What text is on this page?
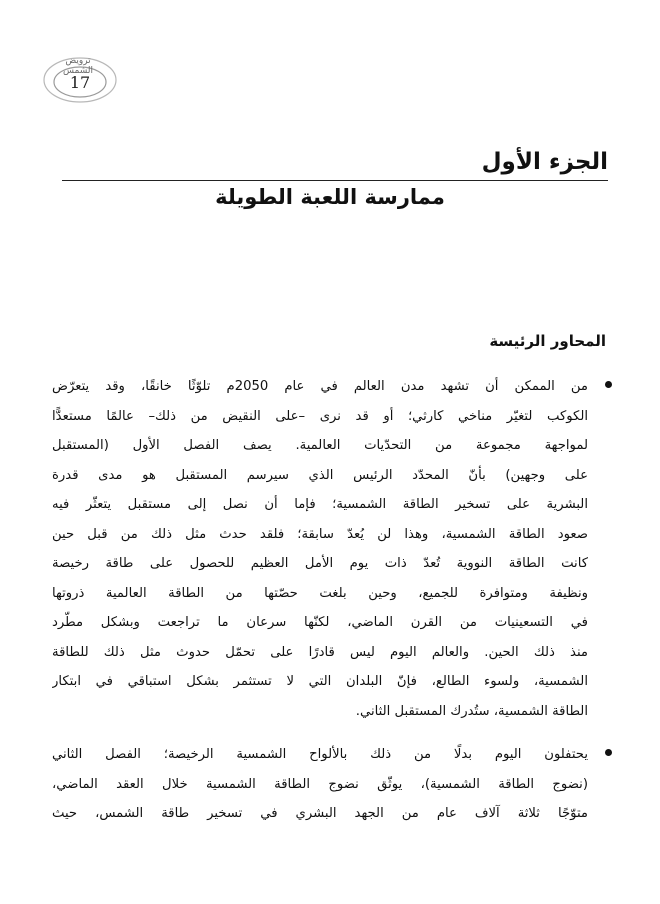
ترويض الشمس
17
الجزء الأول
ممارسة اللعبة الطويلة
المحاور الرئيسة
من الممكن أن تشهد مدن العالم في عام 2050م تلوّثًا خانقًا، وقد يتعرّض
الكوكب لتغيّر مناخي كارثي؛ أو قد نرى –على النقيض من ذلك– عالمًا مستعدًّا
لمواجهة مجموعة من التحدّيات العالمية. يصف الفصل الأول (المستقبل
على وجهين) بأنّ المحدّد الرئيس الذي سيرسم المستقبل هو مدى قدرة
البشرية على تسخير الطاقة الشمسية؛ فإما أن نصل إلى مستقبل يتعثّر فيه
صعود الطاقة الشمسية، وهذا لن يُعدّ سابقة؛ فلقد حدث مثل ذلك من قبل حين
كانت الطاقة النووية تُعدّ ذات يوم الأمل العظيم للحصول على طاقة رخيصة
ونظيفة ومتوافرة للجميع، وحين بلغت حصّتها من الطاقة العالمية ذروتها
في التسعينيات من القرن الماضي، لكنّها سرعان ما تراجعت وبشكل مطّرد
منذ ذلك الحين. والعالم اليوم ليس قادرًا على تحمّل حدوث مثل ذلك للطاقة
الشمسية، ولسوء الطالع، فإنّ البلدان التي لا تستثمر بشكل استباقي في ابتكار
الطاقة الشمسية، ستُدرك المستقبل الثاني.
يحتفلون اليوم بدلًا من ذلك بالألواح الشمسية الرخيصة؛ الفصل الثاني
(نضوج الطاقة الشمسية)، يوثّق نضوج الطاقة الشمسية خلال العقد الماضي،
متوّجًا ثلاثة آلاف عام من الجهد البشري في تسخير طاقة الشمس، حيث
